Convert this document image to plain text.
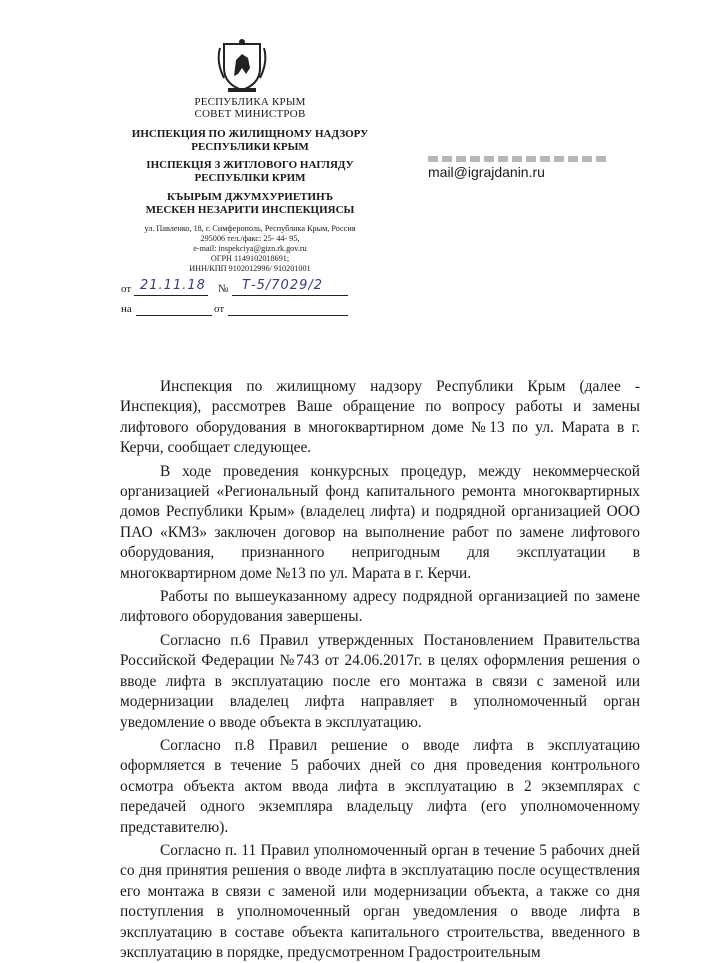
РЕСПУБЛИКА КРЫМ
СОВЕТ МИНИСТРОВ
ИНСПЕКЦИЯ ПО ЖИЛИЩНОМУ НАДЗОРУ
РЕСПУБЛИКИ КРЫМ
ІНСПЕКЦІЯ З ЖИТЛОВОГО НАГЛЯДУ
РЕСПУБЛІКИ КРИМ
КЪЫРЫМ ДЖУМХУРИЕТИНЪ
МЕСКЕН НЕЗАРИТИ ИНСПЕКЦИЯСЫ
ул. Павленко, 18, г. Симферополь, Республика Крым, Россия
295006 тел./факс: 25- 44- 95,
e-mail: inspekciya@gizn.rk.gov.ru
ОГРН 1149102018691;
ИНН/КПП 9102012996/ 910201001
от 21.11.18 № Т-5/7029/2
на	от
mail@igrajdanin.ru

Инспекция по жилищному надзору Республики Крым (далее - Инспекция), рассмотрев Ваше обращение по вопросу работы и замены лифтового оборудования в многоквартирном доме №13 по ул. Марата в г. Керчи, сообщает следующее.

В ходе проведения конкурсных процедур, между некоммерческой организацией «Региональный фонд капитального ремонта многоквартирных домов Республики Крым» (владелец лифта) и подрядной организацией ООО ПАО «КМЗ» заключен договор на выполнение работ по замене лифтового оборудования, признанного непригодным для эксплуатации в многоквартирном доме №13 по ул. Марата в г. Керчи.

Работы по вышеуказанному адресу подрядной организацией по замене лифтового оборудования завершены.

Согласно п.6 Правил утвержденных Постановлением Правительства Российской Федерации №743 от 24.06.2017г. в целях оформления решения о вводе лифта в эксплуатацию после его монтажа в связи с заменой или модернизации владелец лифта направляет в уполномоченный орган уведомление о вводе объекта в эксплуатацию.

Согласно п.8 Правил решение о вводе лифта в эксплуатацию оформляется в течение 5 рабочих дней со дня проведения контрольного осмотра объекта актом ввода лифта в эксплуатацию в 2 экземплярах с передачей одного экземпляра владельцу лифта (его уполномоченному представителю).

Согласно п. 11 Правил уполномоченный орган в течение 5 рабочих дней со дня принятия решения о вводе лифта в эксплуатацию после осуществления его монтажа в связи с заменой или модернизации объекта, а также со дня поступления в уполномоченный орган уведомления о вводе лифта в эксплуатацию в составе объекта капитального строительства, введенного в эксплуатацию в порядке, предусмотренном Градостроительным
